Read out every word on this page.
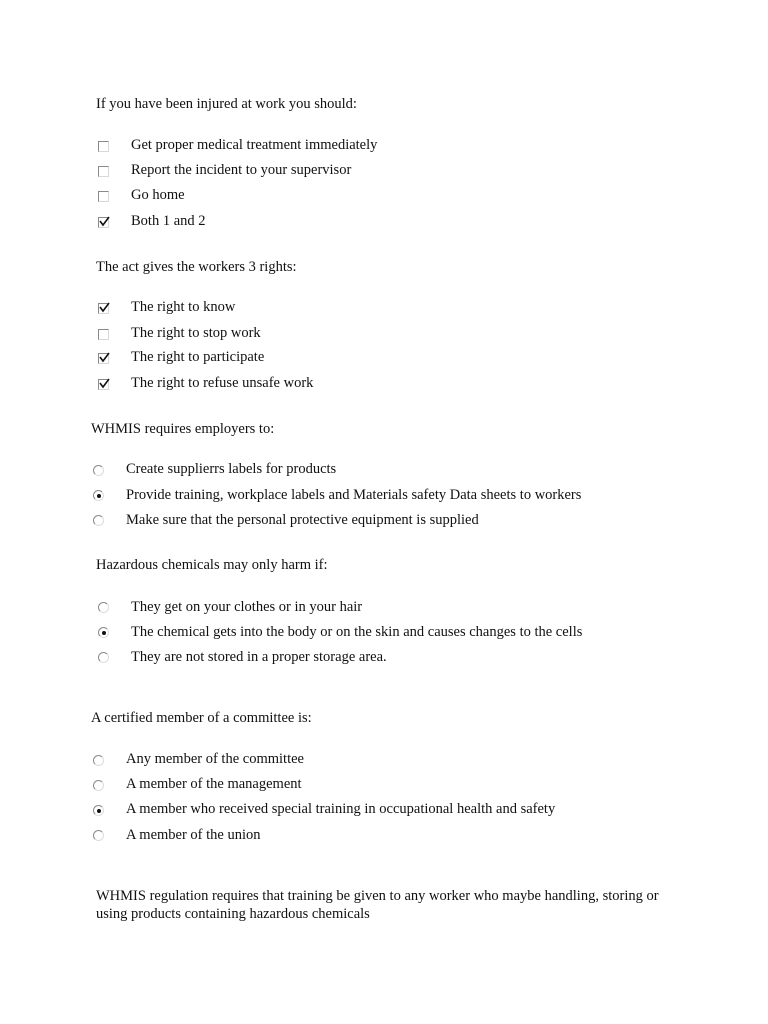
If you have been injured at work you should:
Get proper medical treatment immediately
Report the incident to your supervisor
Go home
Both 1 and 2
The act gives the workers 3 rights:
The right to know
The right to stop work
The right to participate
The right to refuse unsafe work
WHMIS requires employers to:
Create supplierrs labels for products
Provide training, workplace labels and Materials safety Data sheets to workers
Make sure that the personal protective equipment is supplied
Hazardous chemicals may only harm if:
They get on your clothes or in your hair
The chemical gets into the body or on the skin and causes changes to the cells
They are not stored in a proper storage area.
A certified member of a committee is:
Any member of the committee
A member of the management
A member who received special training in occupational health and safety
A member of the union
WHMIS regulation requires that training be given to any worker who maybe handling, storing or using products containing hazardous chemicals
